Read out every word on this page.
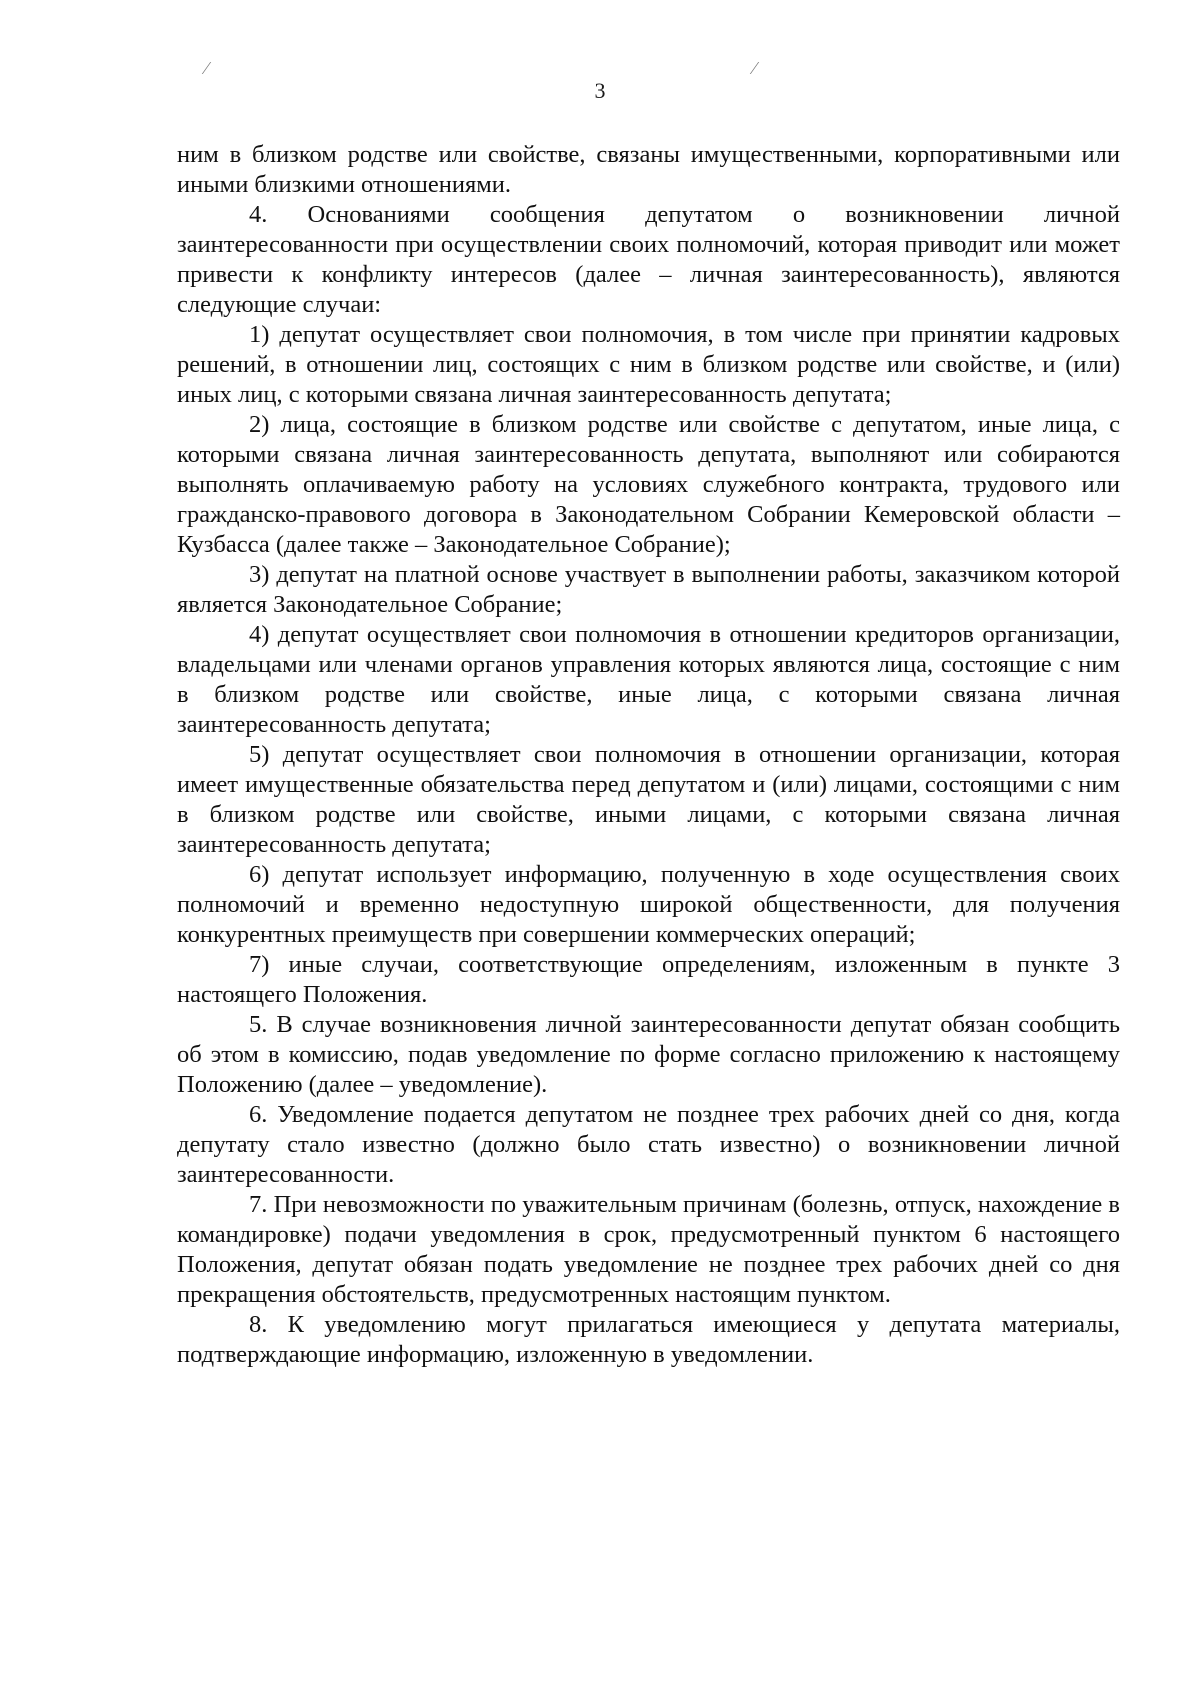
⁄	⁄
3

ним в близком родстве или свойстве, связаны имущественными, корпоративными или иными близкими отношениями.

4. Основаниями сообщения депутатом о возникновении личной заинтересованности при осуществлении своих полномочий, которая приводит или может привести к конфликту интересов (далее – личная заинтересованность), являются следующие случаи:

1) депутат осуществляет свои полномочия, в том числе при принятии кадровых решений, в отношении лиц, состоящих с ним в близком родстве или свойстве, и (или) иных лиц, с которыми связана личная заинтересованность депутата;

2) лица, состоящие в близком родстве или свойстве с депутатом, иные лица, с которыми связана личная заинтересованность депутата, выполняют или собираются выполнять оплачиваемую работу на условиях служебного контракта, трудового или гражданско-правового договора в Законодательном Собрании Кемеровской области – Кузбасса (далее также – Законодательное Собрание);

3) депутат на платной основе участвует в выполнении работы, заказчиком которой является Законодательное Собрание;

4) депутат осуществляет свои полномочия в отношении кредиторов организации, владельцами или членами органов управления которых являются лица, состоящие с ним в близком родстве или свойстве, иные лица, с которыми связана личная заинтересованность депутата;

5) депутат осуществляет свои полномочия в отношении организации, которая имеет имущественные обязательства перед депутатом и (или) лицами, состоящими с ним в близком родстве или свойстве, иными лицами, с которыми связана личная заинтересованность депутата;

6) депутат использует информацию, полученную в ходе осуществления своих полномочий и временно недоступную широкой общественности, для получения конкурентных преимуществ при совершении коммерческих операций;

7) иные случаи, соответствующие определениям, изложенным в пункте 3 настоящего Положения.

5. В случае возникновения личной заинтересованности депутат обязан сообщить об этом в комиссию, подав уведомление по форме согласно приложению к настоящему Положению (далее – уведомление).

6. Уведомление подается депутатом не позднее трех рабочих дней со дня, когда депутату стало известно (должно было стать известно) о возникновении личной заинтересованности.

7. При невозможности по уважительным причинам (болезнь, отпуск, нахождение в командировке) подачи уведомления в срок, предусмотренный пунктом 6 настоящего Положения, депутат обязан подать уведомление не позднее трех рабочих дней со дня прекращения обстоятельств, предусмотренных настоящим пунктом.

8. К уведомлению могут прилагаться имеющиеся у депутата материалы, подтверждающие информацию, изложенную в уведомлении.
